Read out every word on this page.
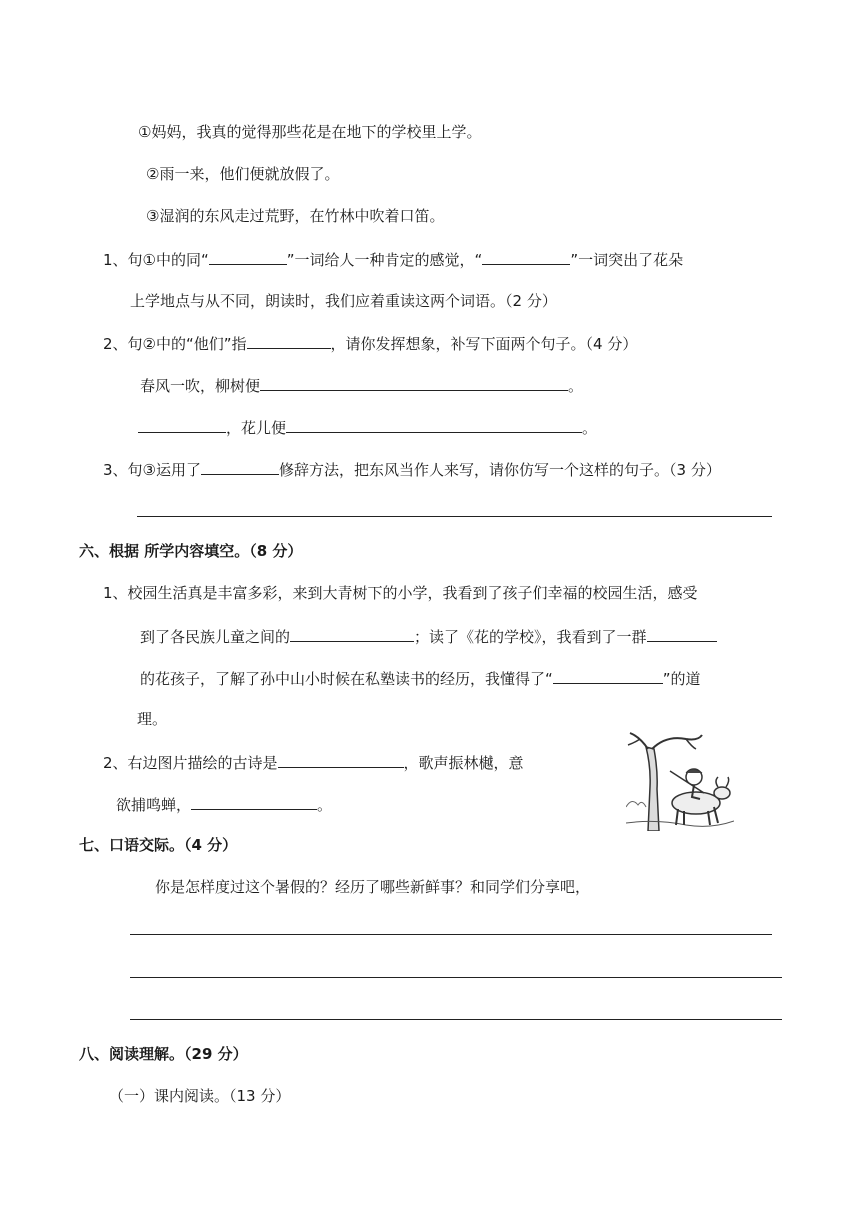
①妈妈，我真的觉得那些花是在地下的学校里上学。
②雨一来，他们便就放假了。
③湿润的东风走过荒野，在竹林中吹着口笛。
1、句①中的同“	”一词给人一种肯定的感觉，“	”一词突出了花朵
上学地点与从不同，朗读时，我们应着重读这两个词语。（2 分）
2、句②中的“他们”指	，请你发挥想象，补写下面两个句子。（4 分）
春风一吹，柳树便	。
，花儿便	。
3、句③运用了	修辞方法，把东风当作人来写，请你仿写一个这样的句子。（3 分）
六、根据 所学内容填空。（8 分）
1、校园生活真是丰富多彩，来到大青树下的小学，我看到了孩子们幸福的校园生活，感受
到了各民族儿童之间的	；读了《花的学校》，我看到了一群
的花孩子，了解了孙中山小时候在私塾读书的经历，我懂得了“	”的道
理。
2、右边图片描绘的古诗是	，歌声振林樾，意
欲捕鸣蝉，	。
七、口语交际。（4 分）
你是怎样度过这个暑假的？经历了哪些新鲜事？和同学们分享吧，
八、阅读理解。（29 分）
（一）课内阅读。（13 分）
